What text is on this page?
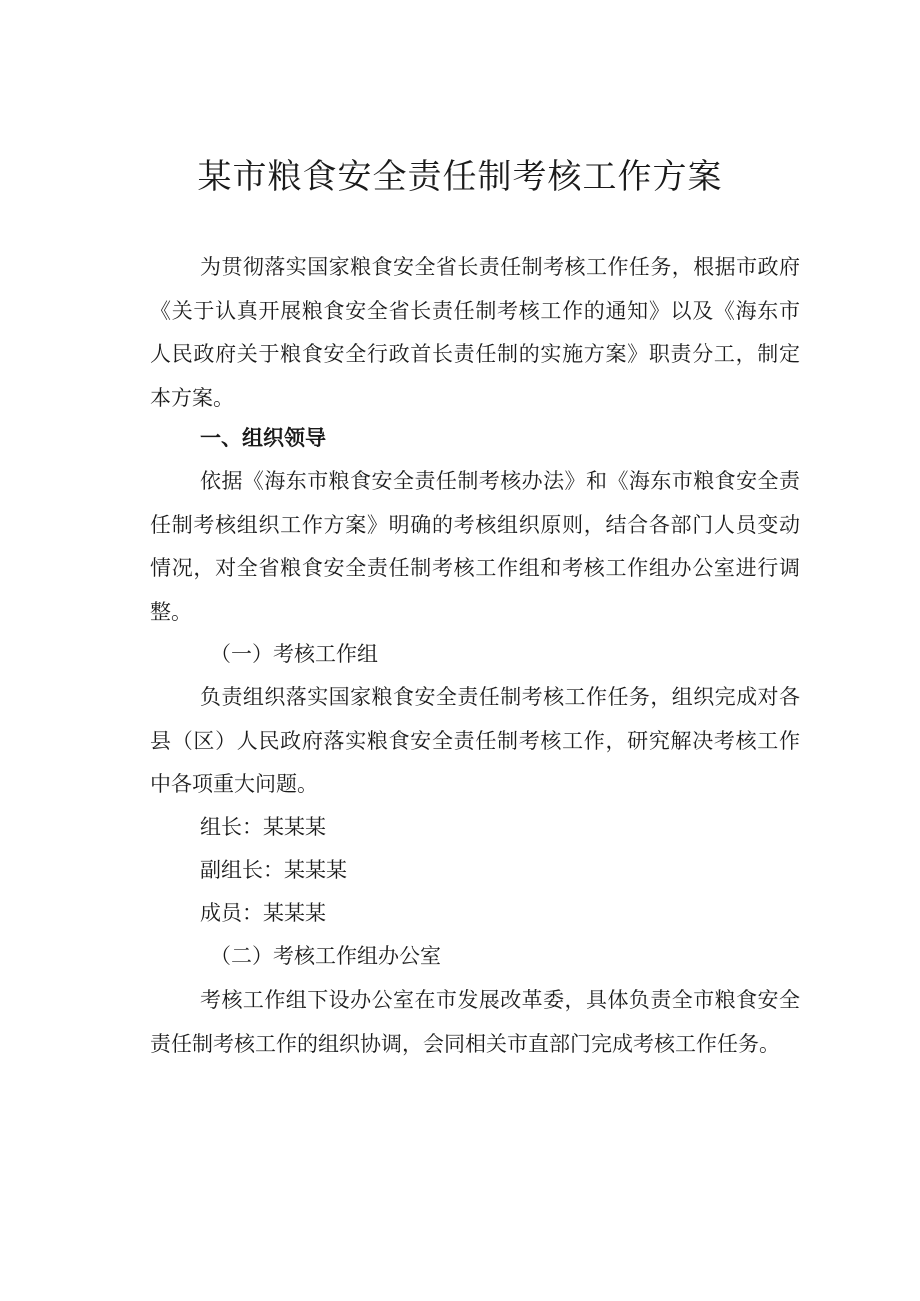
某市粮食安全责任制考核工作方案
为贯彻落实国家粮食安全省长责任制考核工作任务，根据市政府《关于认真开展粮食安全省长责任制考核工作的通知》以及《海东市人民政府关于粮食安全行政首长责任制的实施方案》职责分工，制定本方案。
一、组织领导
依据《海东市粮食安全责任制考核办法》和《海东市粮食安全责任制考核组织工作方案》明确的考核组织原则，结合各部门人员变动情况，对全省粮食安全责任制考核工作组和考核工作组办公室进行调整。
（一）考核工作组
负责组织落实国家粮食安全责任制考核工作任务，组织完成对各县（区）人民政府落实粮食安全责任制考核工作，研究解决考核工作中各项重大问题。
组长：某某某
副组长：某某某
成员：某某某
（二）考核工作组办公室
考核工作组下设办公室在市发展改革委，具体负责全市粮食安全责任制考核工作的组织协调，会同相关市直部门完成考核工作任务。
